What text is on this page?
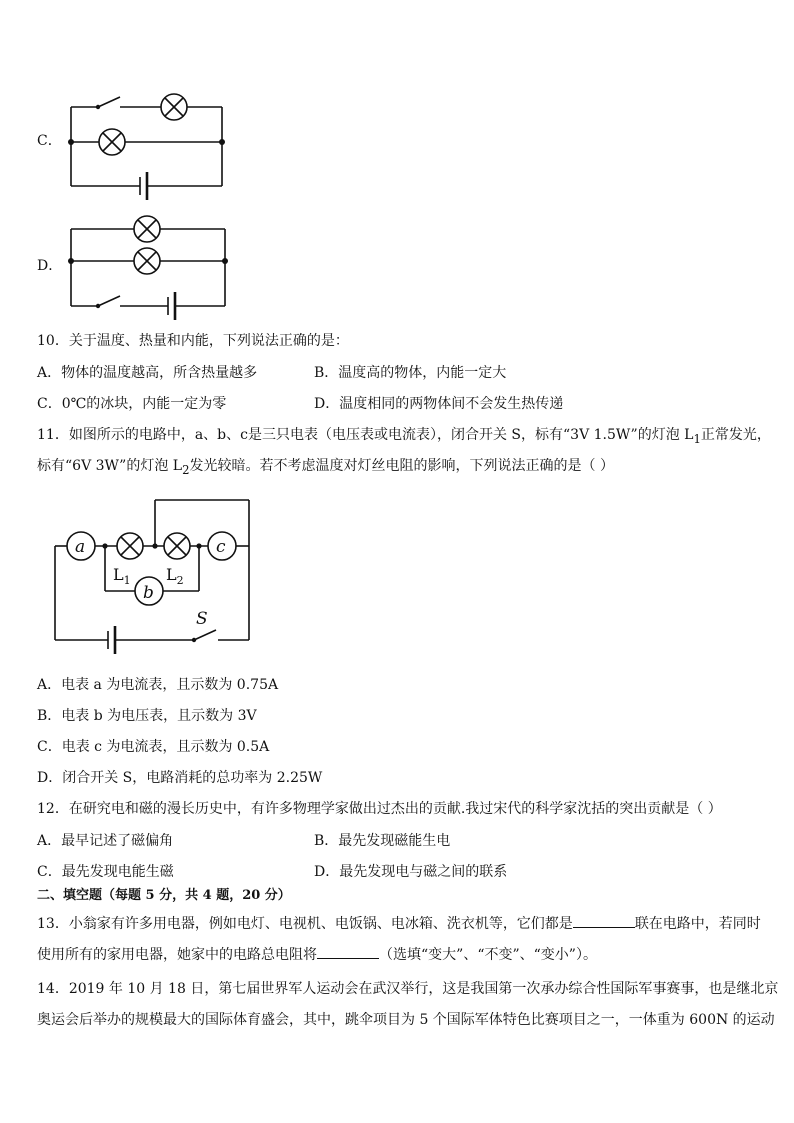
C．
D．
10．关于温度、热量和内能，下列说法正确的是：
A．物体的温度越高，所含热量越多	B．温度高的物体，内能一定大
C．0℃的冰块，内能一定为零	D．温度相同的两物体间不会发生热传递
11．如图所示的电路中，a、b、c是三只电表（电压表或电流表），闭合开关 S，标有“3V 1.5W”的灯泡 $L_1$正常发光，
标有“6V 3W”的灯泡 $L_2$发光较暗。若不考虑温度对灯丝电阻的影响，下列说法正确的是（ ）
a	c
b
$L_1$ $L_2$
S
A．电表 a 为电流表，且示数为 0.75A
B．电表 b 为电压表，且示数为 3V
C．电表 c 为电流表，且示数为 0.5A
D．闭合开关 S，电路消耗的总功率为 2.25W
12．在研究电和磁的漫长历史中，有许多物理学家做出过杰出的贡献.我过宋代的科学家沈括的突出贡献是（ ）
A．最早记述了磁偏角	B．最先发现磁能生电
C．最先发现电能生磁	D．最先发现电与磁之间的联系
二、填空题（每题 5 分，共 4 题，20 分）
13．小翁家有许多用电器，例如电灯、电视机、电饭锅、电冰箱、洗衣机等，它们都是	联在电路中，若同时
使用所有的家用电器，她家中的电路总电阻将	（选填“变大”、“不变”、“变小”）。
14．2019 年 10 月 18 日，第七届世界军人运动会在武汉举行，这是我国第一次承办综合性国际军事赛事，也是继北京
奥运会后举办的规模最大的国际体育盛会，其中，跳伞项目为 5 个国际军体特色比赛项目之一，一体重为 600N 的运动
